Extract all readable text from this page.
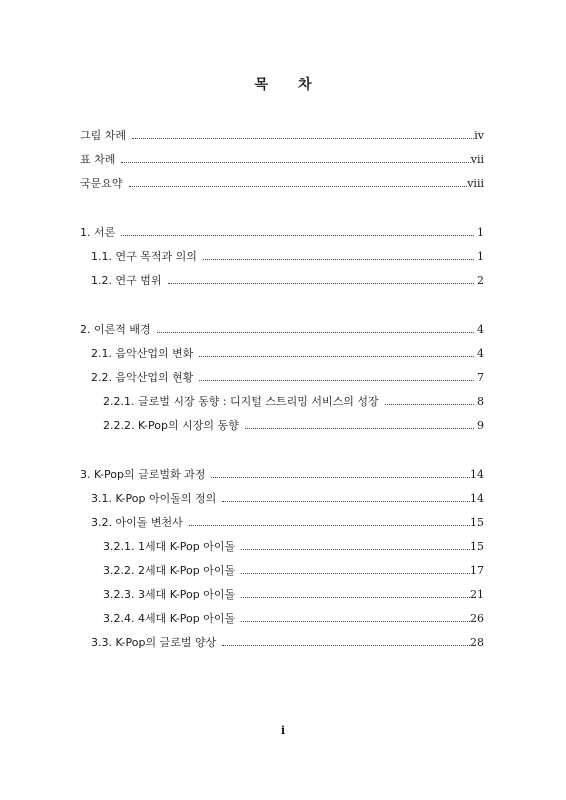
목 차
그림 차례	iv
표 차례	vii
국문요약	viii
1. 서론	1
1.1. 연구 목적과 의의	1
1.2. 연구 범위	2
2. 이론적 배경	4
2.1. 음악산업의 변화	4
2.2. 음악산업의 현황	7
2.2.1. 글로벌 시장 동향 : 디지털 스트리밍 서비스의 성장	8
2.2.2. K-Pop의 시장의 동향	9
3. K-Pop의 글로벌화 과정	14
3.1. K-Pop 아이돌의 정의	14
3.2. 아이돌 변천사	15
3.2.1. 1세대 K-Pop 아이돌	15
3.2.2. 2세대 K-Pop 아이돌	17
3.2.3. 3세대 K-Pop 아이돌	21
3.2.4. 4세대 K-Pop 아이돌	26
3.3. K-Pop의 글로벌 양상	28
i
